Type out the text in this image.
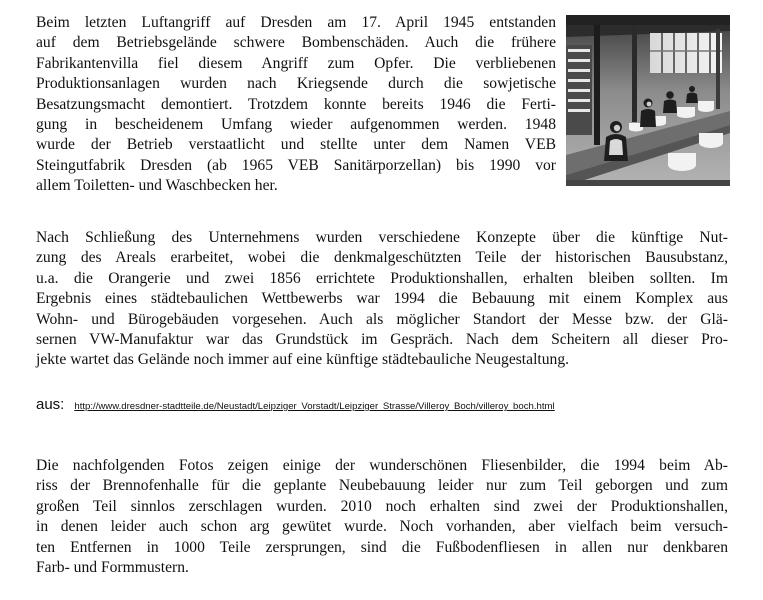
Beim letzten Luftangriff auf Dresden am 17. April 1945 entstanden
auf dem Betriebsgelände schwere Bombenschäden. Auch die frühere
Fabrikantenvilla fiel diesem Angriff zum Opfer. Die verbliebenen
Produktionsanlagen wurden nach Kriegsende durch die sowjetische
Besatzungsmacht demontiert. Trotzdem konnte bereits 1946 die Ferti-
gung in bescheidenem Umfang wieder aufgenommen werden. 1948
wurde der Betrieb verstaatlicht und stellte unter dem Namen VEB
Steingutfabrik Dresden (ab 1965 VEB Sanitärporzellan) bis 1990 vor
allem Toiletten- und Waschbecken her.
Nach Schließung des Unternehmens wurden verschiedene Konzepte über die künftige Nut-
zung des Areals erarbeitet, wobei die denkmalgeschützten Teile der historischen Bausubstanz,
u.a. die Orangerie und zwei 1856 errichtete Produktionshallen, erhalten bleiben sollten. Im
Ergebnis eines städtebaulichen Wettbewerbs war 1994 die Bebauung mit einem Komplex aus
Wohn- und Bürogebäuden vorgesehen. Auch als möglicher Standort der Messe bzw. der Glä-
sernen VW-Manufaktur war das Grundstück im Gespräch. Nach dem Scheitern all dieser Pro-
jekte wartet das Gelände noch immer auf eine künftige städtebauliche Neugestaltung.
aus: http://www.dresdner-stadtteile.de/Neustadt/Leipziger Vorstadt/Leipziger Strasse/Villeroy Boch/villeroy boch.html
Die nachfolgenden Fotos zeigen einige der wunderschönen Fliesenbilder, die 1994 beim Ab-
riss der Brennofenhalle für die geplante Neubebauung leider nur zum Teil geborgen und zum
großen Teil sinnlos zerschlagen wurden. 2010 noch erhalten sind zwei der Produktionshallen,
in denen leider auch schon arg gewütet wurde. Noch vorhanden, aber vielfach beim versuch-
ten Entfernen in 1000 Teile zersprungen, sind die Fußbodenfliesen in allen nur denkbaren
Farb- und Formmustern.
